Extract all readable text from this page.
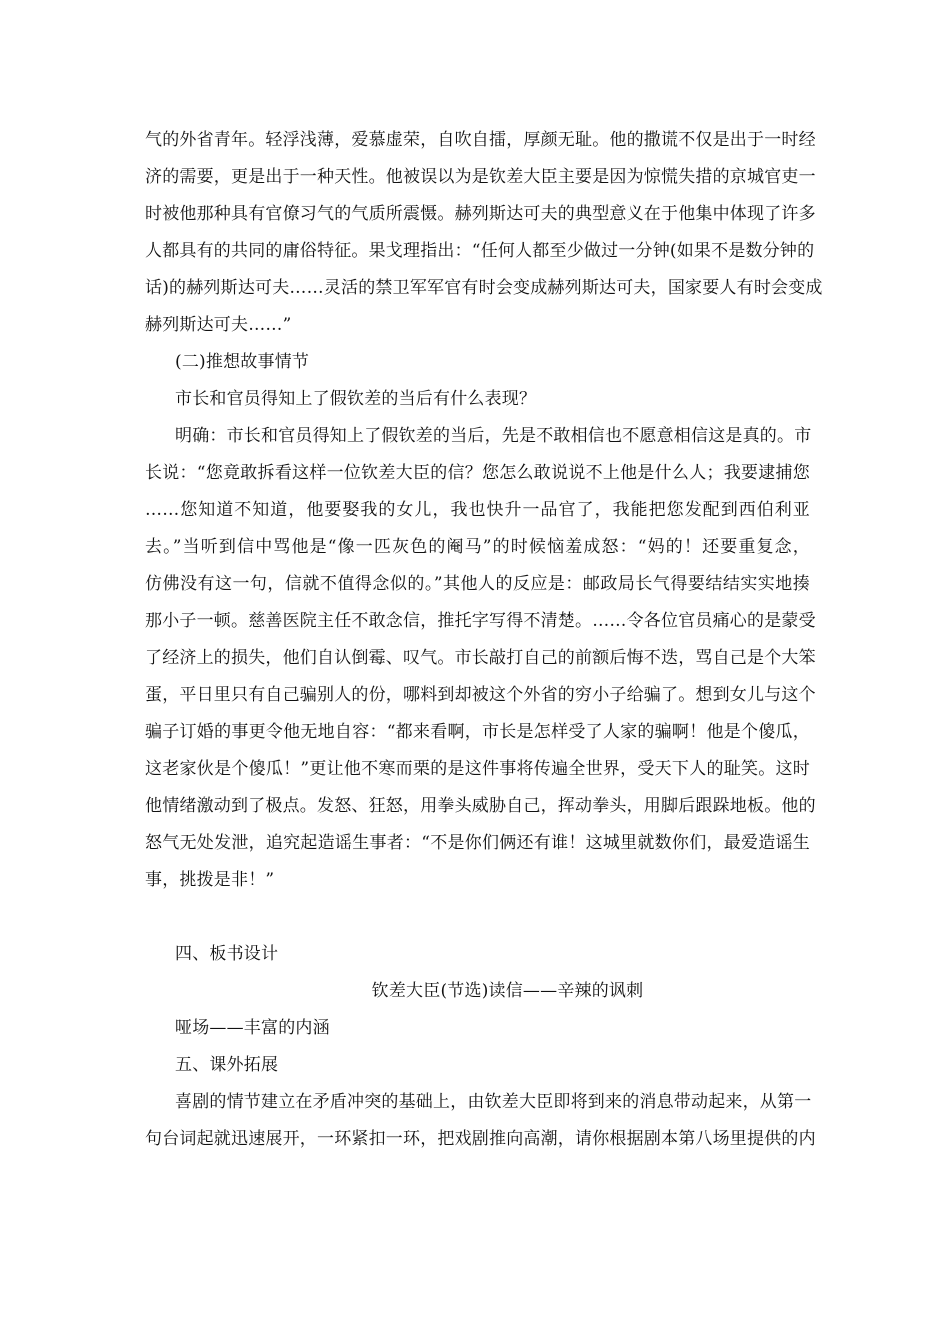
气的外省青年。轻浮浅薄，爱慕虚荣，自吹自擂，厚颜无耻。他的撒谎不仅是出于一时经
济的需要，更是出于一种天性。他被误以为是钦差大臣主要是因为惊慌失措的京城官吏一
时被他那种具有官僚习气的气质所震慑。赫列斯达可夫的典型意义在于他集中体现了许多
人都具有的共同的庸俗特征。果戈理指出：“任何人都至少做过一分钟(如果不是数分钟的
话)的赫列斯达可夫……灵活的禁卫军军官有时会变成赫列斯达可夫，国家要人有时会变成
赫列斯达可夫……”
(二)推想故事情节
市长和官员得知上了假钦差的当后有什么表现？
明确：市长和官员得知上了假钦差的当后，先是不敢相信也不愿意相信这是真的。市
长说：“您竟敢拆看这样一位钦差大臣的信？您怎么敢说说不上他是什么人；我要逮捕您
……您知道不知道，他要娶我的女儿，我也快升一品官了，我能把您发配到西伯利亚
去。”当听到信中骂他是“像一匹灰色的阉马”的时候恼羞成怒：“妈的！还要重复念，
仿佛没有这一句，信就不值得念似的。”其他人的反应是：邮政局长气得要结结实实地揍
那小子一顿。慈善医院主任不敢念信，推托字写得不清楚。……令各位官员痛心的是蒙受
了经济上的损失，他们自认倒霉、叹气。市长敲打自己的前额后悔不迭，骂自己是个大笨
蛋，平日里只有自己骗别人的份，哪料到却被这个外省的穷小子给骗了。想到女儿与这个
骗子订婚的事更令他无地自容：“都来看啊，市长是怎样受了人家的骗啊！他是个傻瓜，
这老家伙是个傻瓜！”更让他不寒而栗的是这件事将传遍全世界，受天下人的耻笑。这时
他情绪激动到了极点。发怒、狂怒，用拳头威胁自己，挥动拳头，用脚后跟跺地板。他的
怒气无处发泄，追究起造谣生事者：“不是你们俩还有谁！这城里就数你们，最爱造谣生
事，挑拨是非！”
四、板书设计
钦差大臣(节选)读信——辛辣的讽刺
哑场——丰富的内涵
五、课外拓展
喜剧的情节建立在矛盾冲突的基础上，由钦差大臣即将到来的消息带动起来，从第一
句台词起就迅速展开，一环紧扣一环，把戏剧推向高潮，请你根据剧本第八场里提供的内
